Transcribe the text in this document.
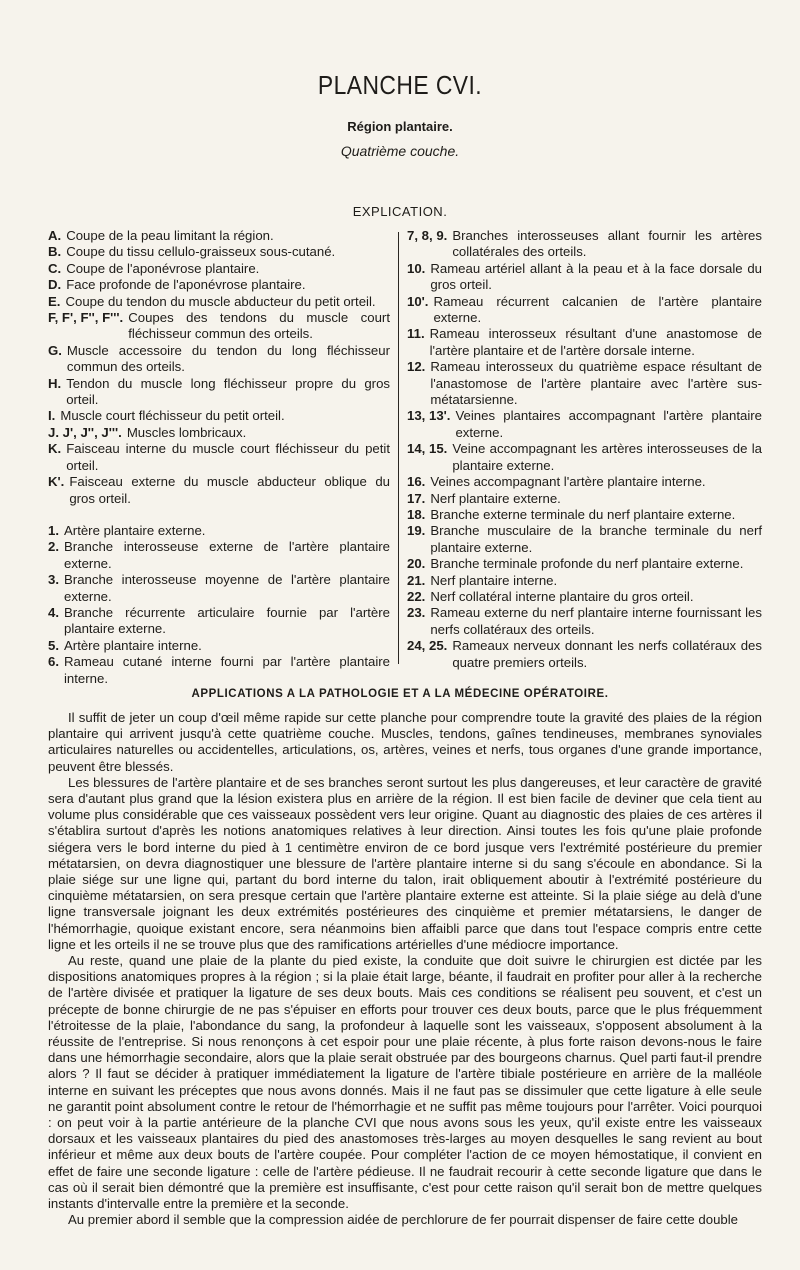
PLANCHE CVI.
Région plantaire.
Quatrième couche.
EXPLICATION.
A. Coupe de la peau limitant la région.
B. Coupe du tissu cellulo-graisseux sous-cutané.
C. Coupe de l'aponévrose plantaire.
D. Face profonde de l'aponévrose plantaire.
E. Coupe du tendon du muscle abducteur du petit orteil.
F, F', F'', F'''. Coupes des tendons du muscle court fléchisseur commun des orteils.
G. Muscle accessoire du tendon du long fléchisseur commun des orteils.
H. Tendon du muscle long fléchisseur propre du gros orteil.
I. Muscle court fléchisseur du petit orteil.
J. J', J'', J'''. Muscles lombricaux.
K. Faisceau interne du muscle court fléchisseur du petit orteil.
K'. Faisceau externe du muscle abducteur oblique du gros orteil.
1. Artère plantaire externe.
2. Branche interosseuse externe de l'artère plantaire externe.
3. Branche interosseuse moyenne de l'artère plantaire externe.
4. Branche récurrente articulaire fournie par l'artère plantaire externe.
5. Artère plantaire interne.
6. Rameau cutané interne fourni par l'artère plantaire interne.
7, 8, 9. Branches interosseuses allant fournir les artères collatérales des orteils.
10. Rameau artériel allant à la peau et à la face dorsale du gros orteil.
10'. Rameau récurrent calcanien de l'artère plantaire externe.
11. Rameau interosseux résultant d'une anastomose de l'artère plantaire et de l'artère dorsale interne.
12. Rameau interosseux du quatrième espace résultant de l'anastomose de l'artère plantaire avec l'artère sus-métatarsienne.
13, 13'. Veines plantaires accompagnant l'artère plantaire externe.
14, 15. Veine accompagnant les artères interosseuses de la plantaire externe.
16. Veines accompagnant l'artère plantaire interne.
17. Nerf plantaire externe.
18. Branche externe terminale du nerf plantaire externe.
19. Branche musculaire de la branche terminale du nerf plantaire externe.
20. Branche terminale profonde du nerf plantaire externe.
21. Nerf plantaire interne.
22. Nerf collatéral interne plantaire du gros orteil.
23. Rameau externe du nerf plantaire interne fournissant les nerfs collatéraux des orteils.
24, 25. Rameaux nerveux donnant les nerfs collatéraux des quatre premiers orteils.
APPLICATIONS A LA PATHOLOGIE ET A LA MÉDECINE OPÉRATOIRE.

Il suffit de jeter un coup d'œil même rapide sur cette planche pour comprendre toute la gravité des plaies de la région plantaire qui arrivent jusqu'à cette quatrième couche. Muscles, tendons, gaînes tendineuses, membranes synoviales articulaires naturelles ou accidentelles, articulations, os, artères, veines et nerfs, tous organes d'une grande importance, peuvent être blessés.

Les blessures de l'artère plantaire et de ses branches seront surtout les plus dangereuses, et leur caractère de gravité sera d'autant plus grand que la lésion existera plus en arrière de la région. Il est bien facile de deviner que cela tient au volume plus considérable que ces vaisseaux possèdent vers leur origine. Quant au diagnostic des plaies de ces artères il s'établira surtout d'après les notions anatomiques relatives à leur direction. Ainsi toutes les fois qu'une plaie profonde siégera vers le bord interne du pied à 1 centimètre environ de ce bord jusque vers l'extrémité postérieure du premier métatarsien, on devra diagnostiquer une blessure de l'artère plantaire interne si du sang s'écoule en abondance. Si la plaie siége sur une ligne qui, partant du bord interne du talon, irait obliquement aboutir à l'extrémité postérieure du cinquième métatarsien, on sera presque certain que l'artère plantaire externe est atteinte. Si la plaie siége au delà d'une ligne transversale joignant les deux extrémités postérieures des cinquième et premier métatarsiens, le danger de l'hémorrhagie, quoique existant encore, sera néanmoins bien affaibli parce que dans tout l'espace compris entre cette ligne et les orteils il ne se trouve plus que des ramifications artérielles d'une médiocre importance.

Au reste, quand une plaie de la plante du pied existe, la conduite que doit suivre le chirurgien est dictée par les dispositions anatomiques propres à la région ; si la plaie était large, béante, il faudrait en profiter pour aller à la recherche de l'artère divisée et pratiquer la ligature de ses deux bouts. Mais ces conditions se réalisent peu souvent, et c'est un précepte de bonne chirurgie de ne pas s'épuiser en efforts pour trouver ces deux bouts, parce que le plus fréquemment l'étroitesse de la plaie, l'abondance du sang, la profondeur à laquelle sont les vaisseaux, s'opposent absolument à la réussite de l'entreprise. Si nous renonçons à cet espoir pour une plaie récente, à plus forte raison devons-nous le faire dans une hémorrhagie secondaire, alors que la plaie serait obstruée par des bourgeons charnus. Quel parti faut-il prendre alors ? Il faut se décider à pratiquer immédiatement la ligature de l'artère tibiale postérieure en arrière de la malléole interne en suivant les préceptes que nous avons donnés. Mais il ne faut pas se dissimuler que cette ligature à elle seule ne garantit point absolument contre le retour de l'hémorrhagie et ne suffit pas même toujours pour l'arrêter. Voici pourquoi : on peut voir à la partie antérieure de la planche CVI que nous avons sous les yeux, qu'il existe entre les vaisseaux dorsaux et les vaisseaux plantaires du pied des anastomoses très-larges au moyen desquelles le sang revient au bout inférieur et même aux deux bouts de l'artère coupée. Pour compléter l'action de ce moyen hémostatique, il convient en effet de faire une seconde ligature : celle de l'artère pédieuse. Il ne faudrait recourir à cette seconde ligature que dans le cas où il serait bien démontré que la première est insuffisante, c'est pour cette raison qu'il serait bon de mettre quelques instants d'intervalle entre la première et la seconde.

Au premier abord il semble que la compression aidée de perchlorure de fer pourrait dispenser de faire cette double
